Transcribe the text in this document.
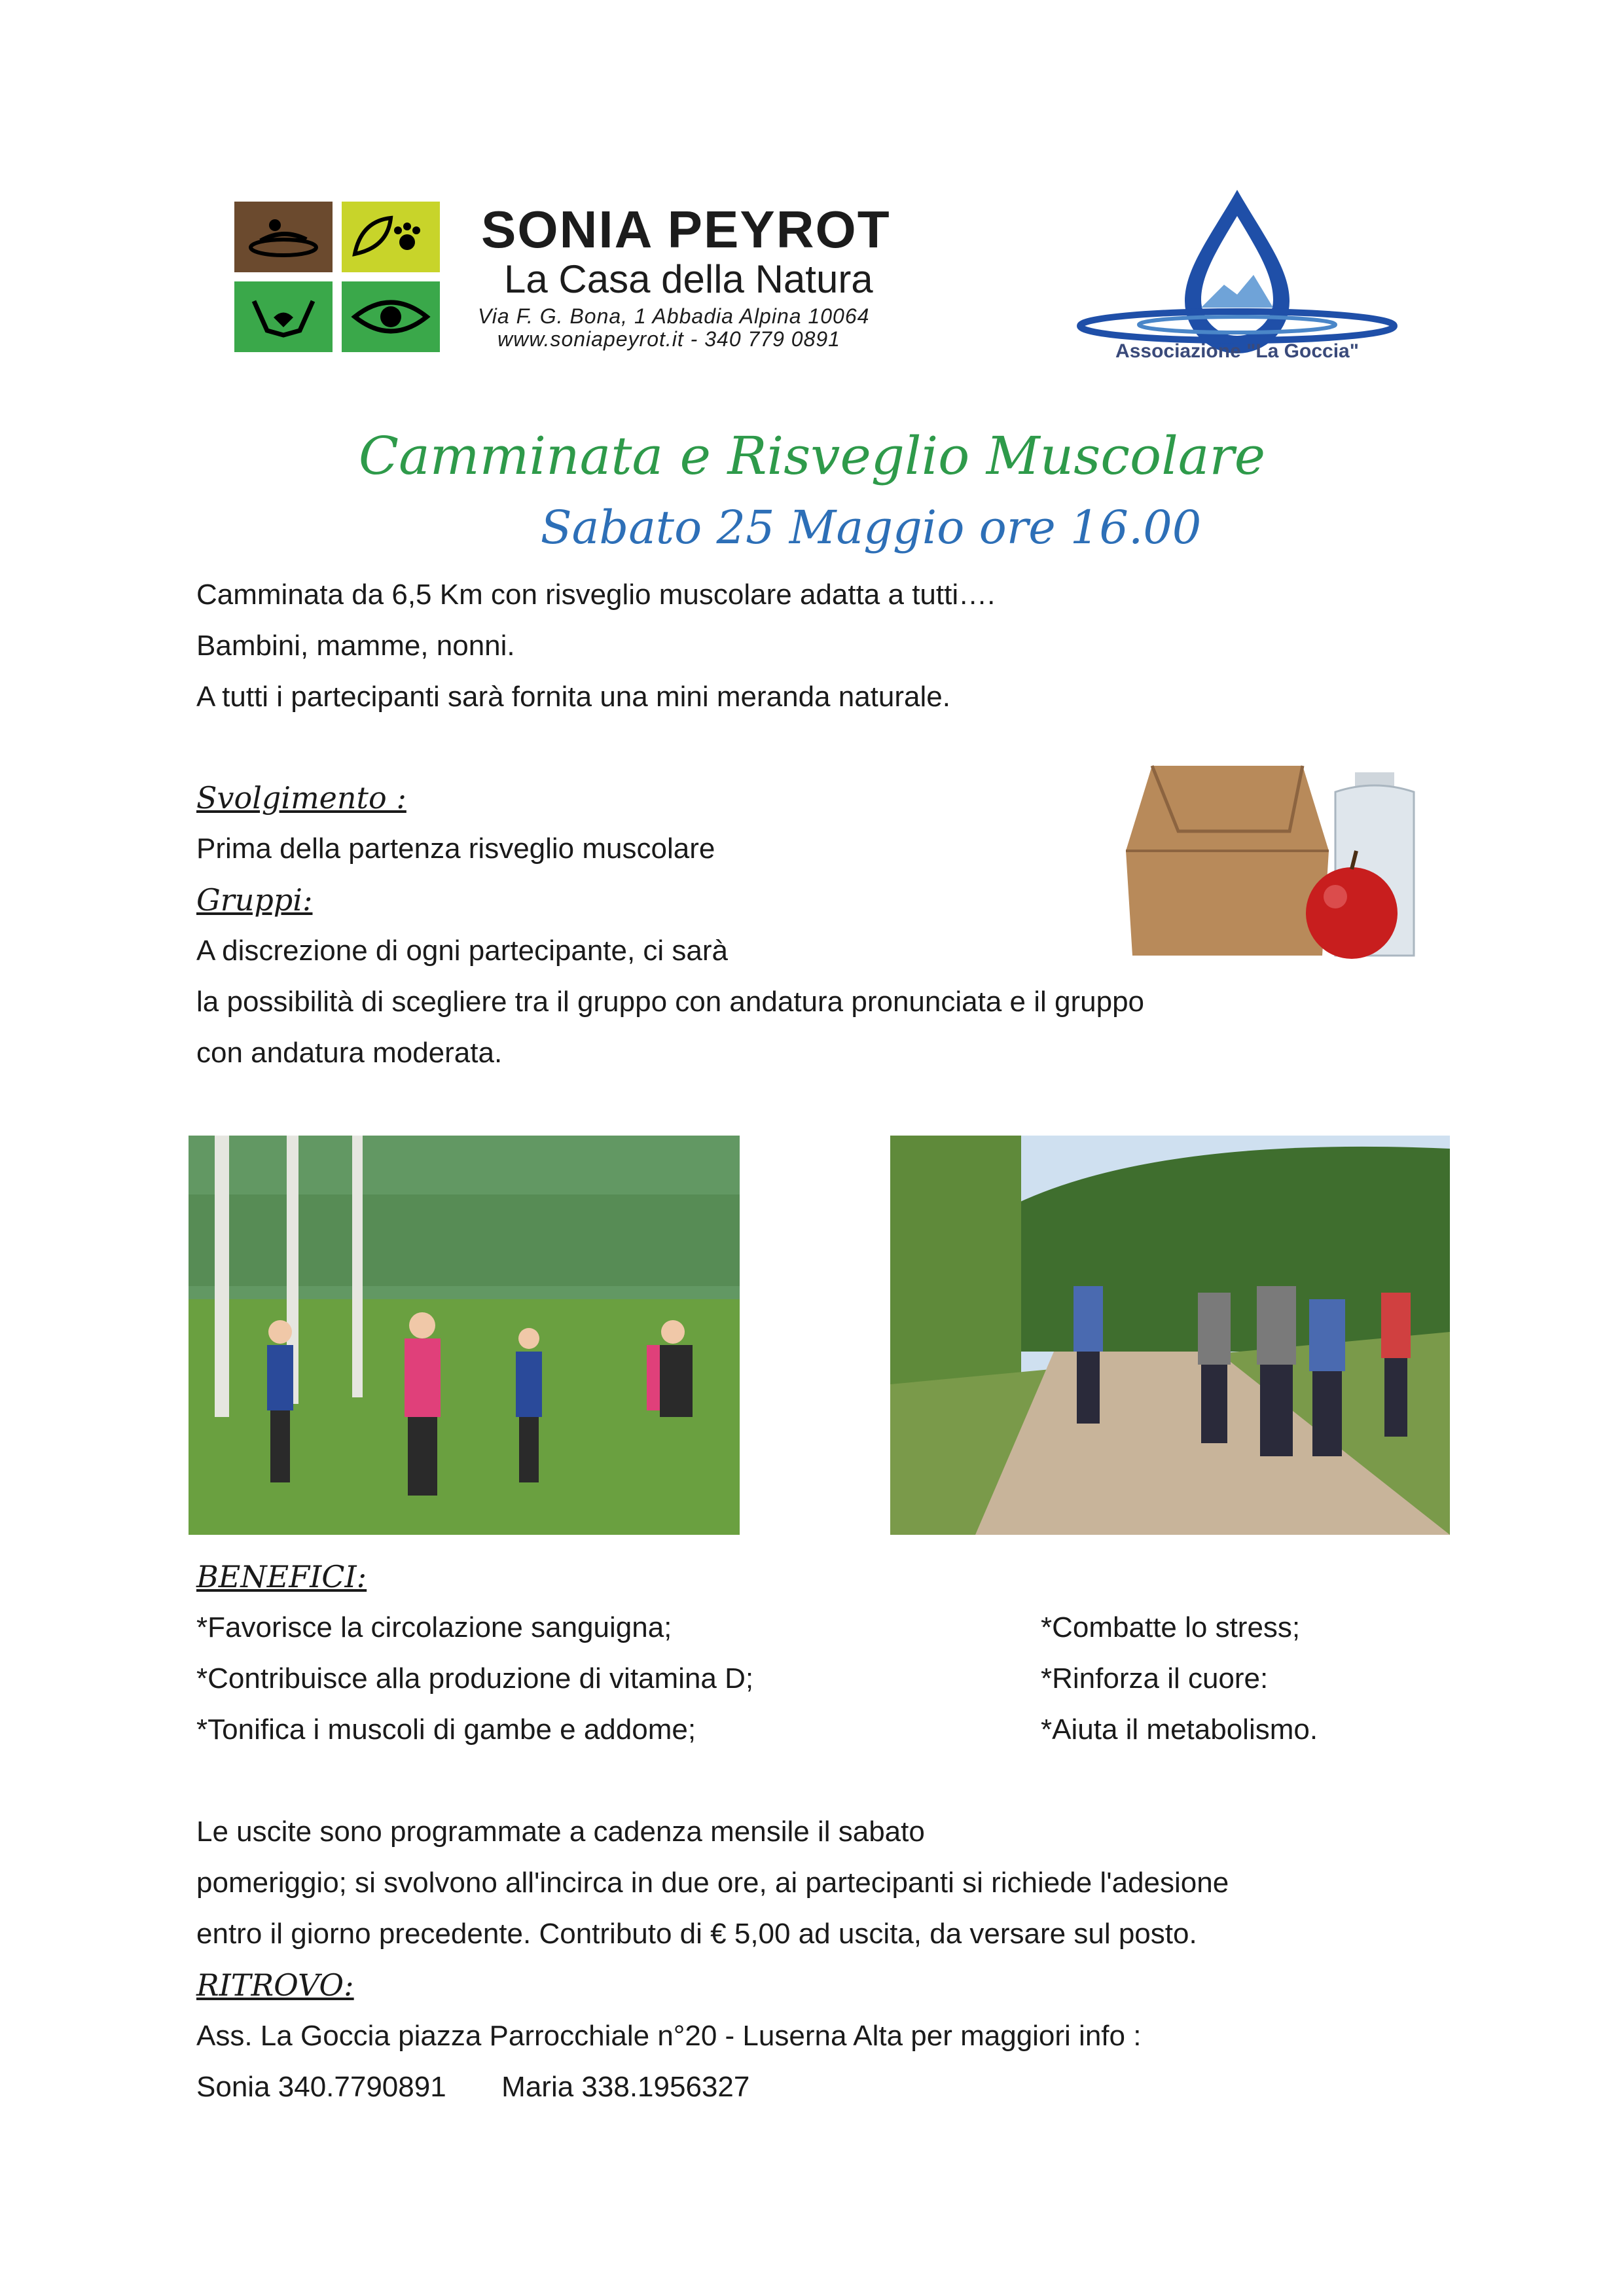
SONIA PEYROT
La Casa della Natura
Via F. G. Bona, 1 Abbadia Alpina 10064
www.soniapeyrot.it - 340 779 0891
Associazione "La Goccia"
Camminata e Risveglio Muscolare
Sabato 25 Maggio ore 16.00
Camminata da 6,5 Km con risveglio muscolare adatta a tutti….
Bambini, mamme, nonni.
A tutti i partecipanti sarà fornita una mini meranda naturale.
Svolgimento :
Prima della partenza risveglio muscolare
Gruppi:
A discrezione di ogni partecipante, ci sarà
la possibilità di scegliere tra il gruppo con andatura pronunciata e il gruppo
con andatura moderata.
BENEFICI:
*Favorisce la circolazione sanguigna;
*Contribuisce alla produzione di vitamina D;
*Tonifica i muscoli di gambe e addome;
*Combatte lo stress;
*Rinforza il cuore:
*Aiuta il metabolismo.
Le uscite sono programmate a cadenza mensile il sabato
pomeriggio; si svolvono all'incirca in due ore, ai partecipanti si richiede l'adesione
entro il giorno precedente. Contributo di € 5,00 ad uscita, da versare sul posto.
RITROVO:
Ass. La Goccia piazza Parrocchiale n°20 - Luserna Alta per maggiori info :
Sonia 340.7790891 Maria 338.1956327
